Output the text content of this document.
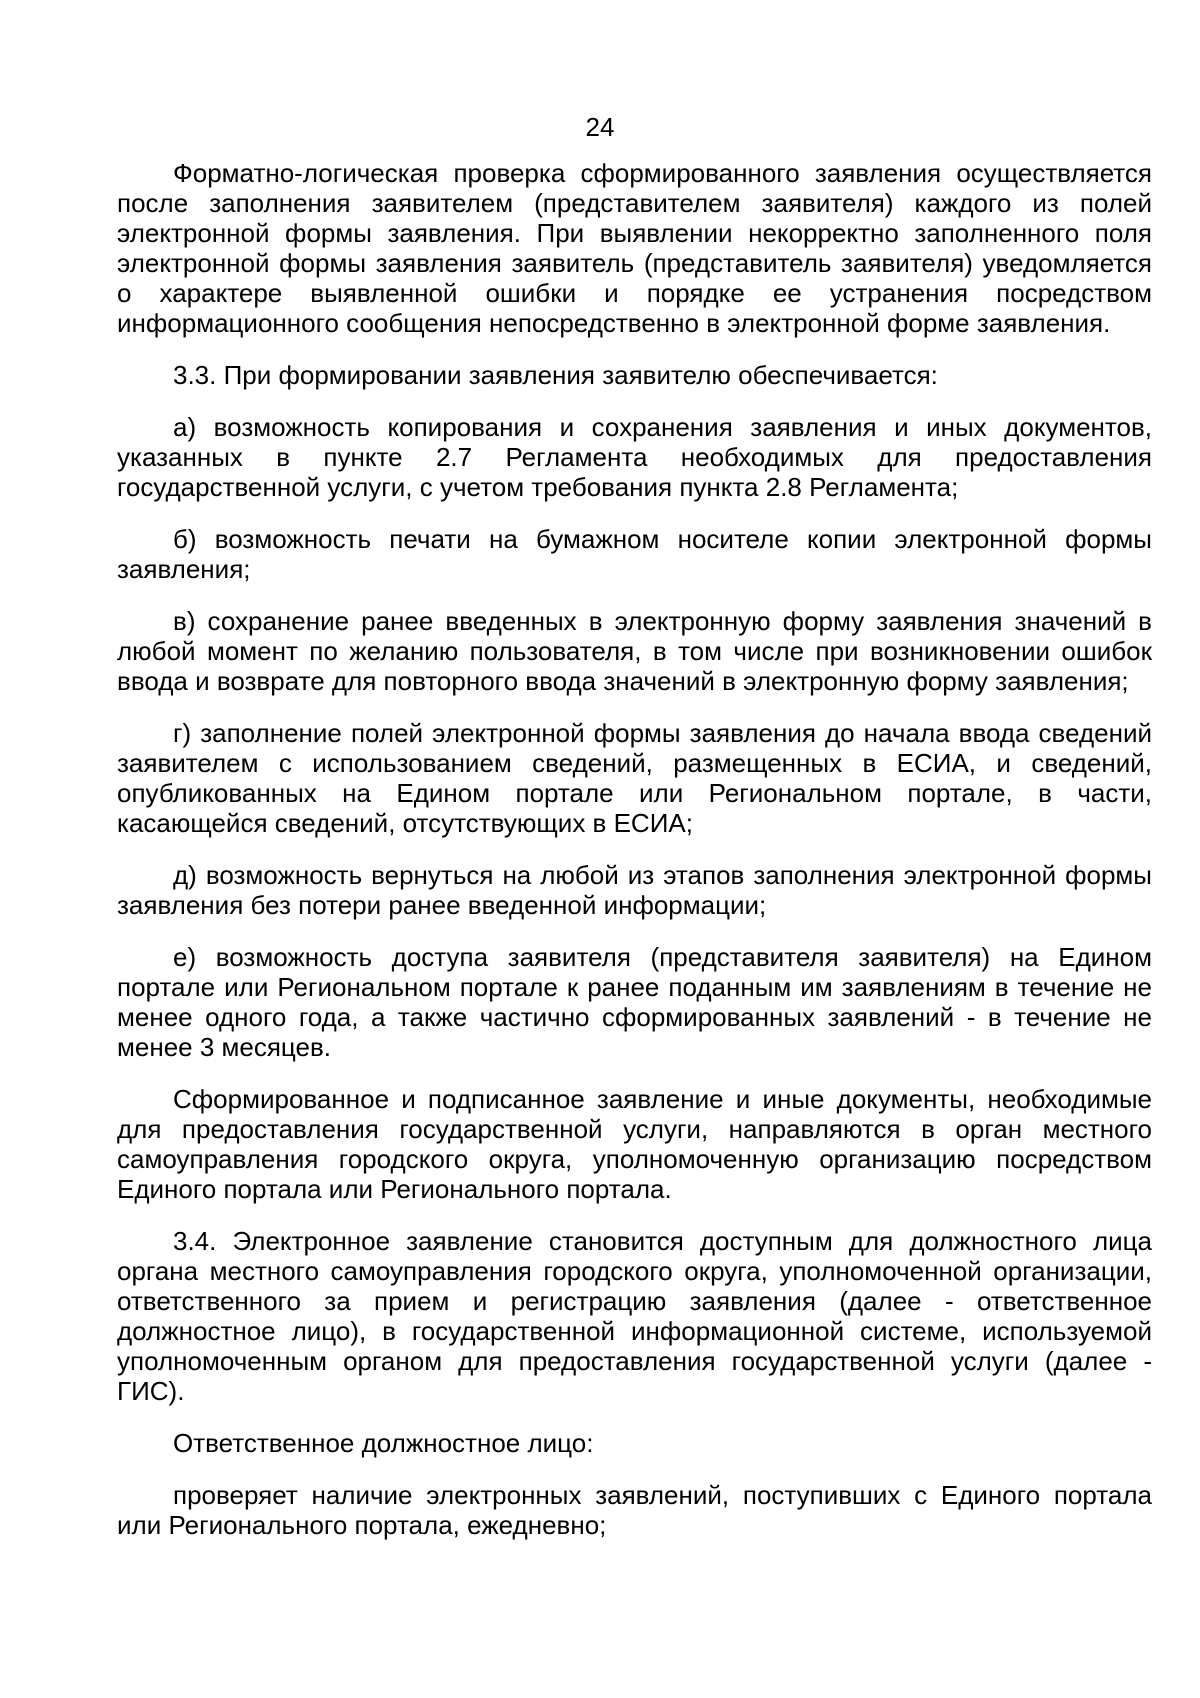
24

Форматно-логическая проверка сформированного заявления осуществляется после заполнения заявителем (представителем заявителя) каждого из полей электронной формы заявления. При выявлении некорректно заполненного поля электронной формы заявления заявитель (представитель заявителя) уведомляется о характере выявленной ошибки и порядке ее устранения посредством информационного сообщения непосредственно в электронной форме заявления.

3.3. При формировании заявления заявителю обеспечивается:

а) возможность копирования и сохранения заявления и иных документов, указанных в пункте 2.7 Регламента необходимых для предоставления государственной услуги, с учетом требования пункта 2.8 Регламента;

б) возможность печати на бумажном носителе копии электронной формы заявления;

в) сохранение ранее введенных в электронную форму заявления значений в любой момент по желанию пользователя, в том числе при возникновении ошибок ввода и возврате для повторного ввода значений в электронную форму заявления;

г) заполнение полей электронной формы заявления до начала ввода сведений заявителем с использованием сведений, размещенных в ЕСИА, и сведений, опубликованных на Едином портале или Региональном портале, в части, касающейся сведений, отсутствующих в ЕСИА;

д) возможность вернуться на любой из этапов заполнения электронной формы заявления без потери ранее введенной информации;

е) возможность доступа заявителя (представителя заявителя) на Едином портале или Региональном портале к ранее поданным им заявлениям в течение не менее одного года, а также частично сформированных заявлений - в течение не менее 3 месяцев.

Сформированное и подписанное заявление и иные документы, необходимые для предоставления государственной услуги, направляются в орган местного самоуправления городского округа, уполномоченную организацию посредством Единого портала или Регионального портала.

3.4. Электронное заявление становится доступным для должностного лица органа местного самоуправления городского округа, уполномоченной организации, ответственного за прием и регистрацию заявления (далее - ответственное должностное лицо), в государственной информационной системе, используемой уполномоченным органом для предоставления государственной услуги (далее - ГИС).

Ответственное должностное лицо:

проверяет наличие электронных заявлений, поступивших с Единого портала или Регионального портала, ежедневно;
